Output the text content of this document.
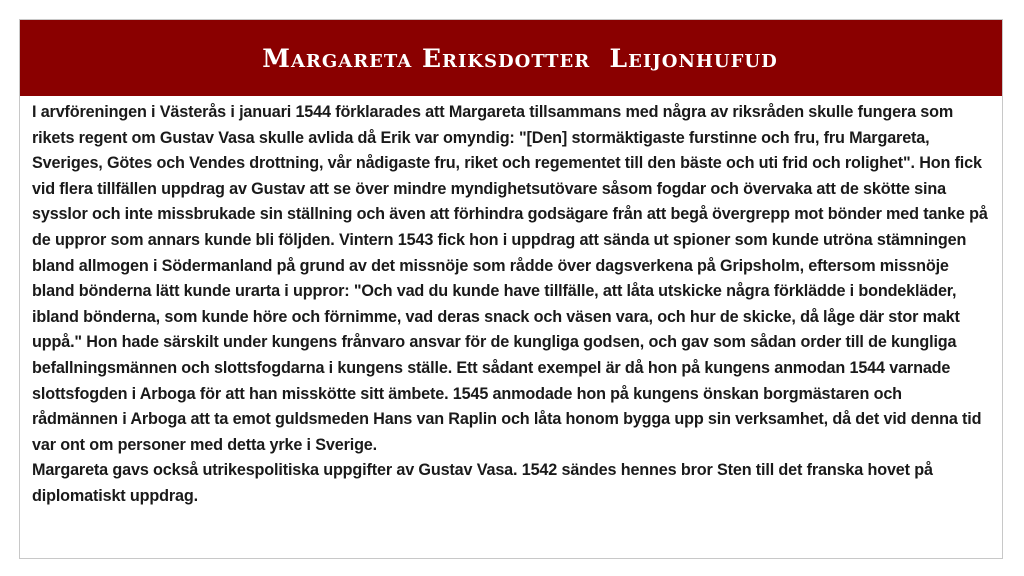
Margareta Eriksdotter  Leijonhufud

I arvföreningen i Västerås i januari 1544 förklarades att Margareta tillsammans med några av riksråden skulle fungera som rikets regent om Gustav Vasa skulle avlida då Erik var omyndig: "[Den] stormäktigaste furstinne och fru, fru Margareta, Sveriges, Götes och Vendes drottning, vår nådigaste fru, riket och regementet till den bäste och uti frid och rolighet". Hon fick vid flera tillfällen uppdrag av Gustav att se över mindre myndighetsutövare såsom fogdar och övervaka att de skötte sina sysslor och inte missbrukade sin ställning och även att förhindra godsägare från att begå övergrepp mot bönder med tanke på de uppror som annars kunde bli följden. Vintern 1543 fick hon i uppdrag att sända ut spioner som kunde utröna stämningen bland allmogen i Södermanland på grund av det missnöje som rådde över dagsverkena på Gripsholm, eftersom missnöje bland bönderna lätt kunde urarta i uppror: "Och vad du kunde have tillfälle, att låta utskicke några förklädde i bondekläder, ibland bönderna, som kunde höre och förnimme, vad deras snack och väsen vara, och hur de skicke, då låge där stor makt uppå." Hon hade särskilt under kungens frånvaro ansvar för de kungliga godsen, och gav som sådan order till de kungliga befallningsmännen och slottsfogdarna i kungens ställe. Ett sådant exempel är då hon på kungens anmodan 1544 varnade slottsfogden i Arboga för att han misskötte sitt ämbete. 1545 anmodade hon på kungens önskan borgmästaren och rådmännen i Arboga att ta emot guldsmeden Hans van Raplin och låta honom bygga upp sin verksamhet, då det vid denna tid var ont om personer med detta yrke i Sverige.

Margareta gavs också utrikespolitiska uppgifter av Gustav Vasa. 1542 sändes hennes bror Sten till det franska hovet på diplomatiskt uppdrag.
